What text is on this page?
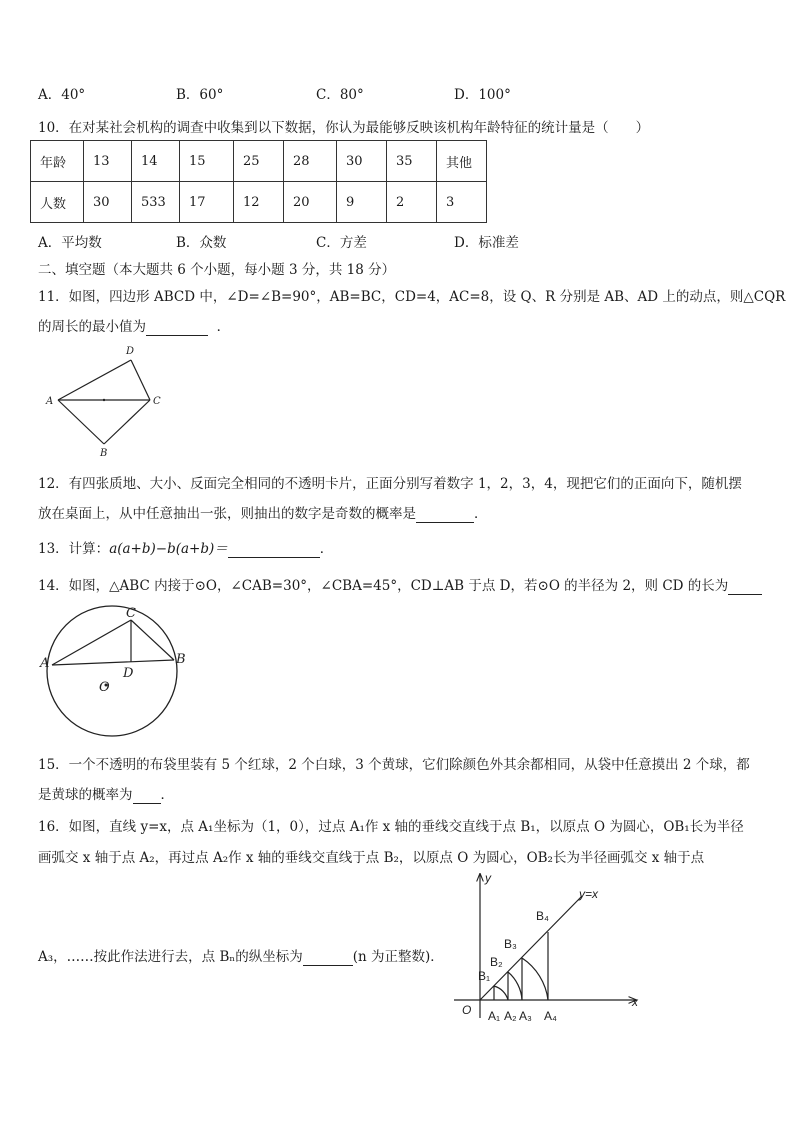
A．40°	B．60°	C．80°	D．100°
10．在对某社会机构的调查中收集到以下数据，你认为最能够反映该机构年龄特征的统计量是（　　）
年龄	13	14	15	25	28	30	35	其他
人数	30	533	17	12	20	9	2	3
A．平均数	B．众数	C．方差	D．标准差
二、填空题（本大题共 6 个小题，每小题 3 分，共 18 分）
11．如图，四边形 ABCD 中，∠D=∠B=90°，AB=BC，CD=4，AC=8，设 Q、R 分别是 AB、AD 上的动点，则△CQR
的周长的最小值为	．
D
A	C
B
12．有四张质地、大小、反面完全相同的不透明卡片，正面分别写着数字 1，2，3，4，现把它们的正面向下，随机摆
放在桌面上，从中任意抽出一张，则抽出的数字是奇数的概率是	．
13．计算：a(a+b)−b(a+b)＝	．
14．如图，△ABC 内接于⊙O，∠CAB=30°，∠CBA=45°，CD⊥AB 于点 D，若⊙O 的半径为 2，则 CD 的长为
C
A	B
D
O
15．一个不透明的布袋里装有 5 个红球，2 个白球，3 个黄球，它们除颜色外其余都相同，从袋中任意摸出 2 个球，都
是黄球的概率为 ．
16．如图，直线 y=x，点 A₁坐标为（1，0），过点 A₁作 x 轴的垂线交直线于点 B₁，以原点 O 为圆心，OB₁长为半径
画弧交 x 轴于点 A₂，再过点 A₂作 x 轴的垂线交直线于点 B₂，以原点 O 为圆心，OB₂长为半径画弧交 x 轴于点
A₃，……按此作法进行去，点 Bₙ的纵坐标为	(n 为正整数)．
y
x
y=x
O
B₁
B₂
B₃
B₄
A₁ A₂ A₃ A₄
